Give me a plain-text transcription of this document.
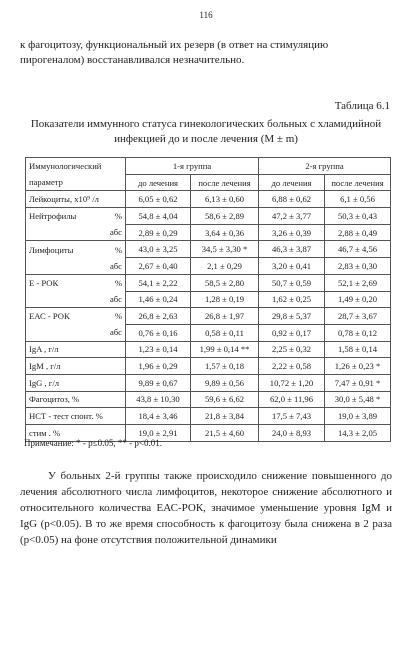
116
к фагоцитозу, функциональный их резерв (в ответ на стимуляцию пирогеналом) восстанавливался незначительно.
Таблица 6.1
Показатели иммунного статуса гинекологических больных с хламидийной инфекцией до и после лечения (M ± m)
Иммунологический	1-я группа		2-я группа	
параметр	до лечения	после лечения	до лечения	после лечения

Лейкоциты, х10⁹ /л	6,05 ± 0,62	6,13 ± 0,60	6,88 ± 0,62	6,1 ± 0,56

Нейтрофилы %	54,8 ± 4,04	58,6 ± 2,89	47,2 ± 3,77	50,3 ± 0,43

абс	2,89 ± 0,29	3,64 ± 0,36	3,26 ± 0,39	2,88 ± 0,49

Лимфоциты %	43,0 ± 3,25	34,5 ± 3,30 *	46,3 ± 3,87	46,7 ± 4,56

абс	2,67 ± 0,40	2,1 ± 0,29	3,20 ± 0,41	2,83 ± 0,30

Е - РОК %	54,1 ± 2,22	58,5 ± 2,80	50,7 ± 0,59	52,1 ± 2,69

абс	1,46 ± 0,24	1,28 ± 0,19	1,62 ± 0,25	1,49 ± 0,20

ЕАС - РОК %	26,8 ± 2,63	26,8 ± 1,97	29,8 ± 5,37	28,7 ± 3,67

абс	0,76 ± 0,16	0,58 ± 0,11	0,92 ± 0,17	0,78 ± 0,12

IgA , г/л	1,23 ± 0,14	1,99 ± 0,14 **	2,25 ± 0,32	1,58 ± 0,14

IgM , г/л	1,96 ± 0,29	1,57 ± 0,18	2,22 ± 0,58	1,26 ± 0,23 *

IgG , г/л	9,89 ± 0,67	9,89 ± 0,56	10,72 ± 1,20	7,47 ± 0,91 *

Фагоцитоз, %	43,8 ± 10,30	59,6 ± 6,62	62,0 ± 11,96	30,0 ± 5,48 *

НСТ - тест спонт. %	18,4 ± 3,46	21,8 ± 3,84	17,5 ± 7,43	19,0 ± 3,89

стим . %	19,0 ± 2,91	21,5 ± 4,60	24,0 ± 8,93	14,3 ± 2,05
Примечание: * - p≤0.05, ** - p<0.01.
У больных 2-й группы также происходило снижение повышенного до лечения абсолютного числа лимфоцитов, некоторое снижение абсолютного и относительного количества ЕАС-РОК, значимое уменьшение уровня IgM и IgG (p<0.05). В то же время способность к фагоцитозу была снижена в 2 раза (p<0.05) на фоне отсутствия положительной динамики
